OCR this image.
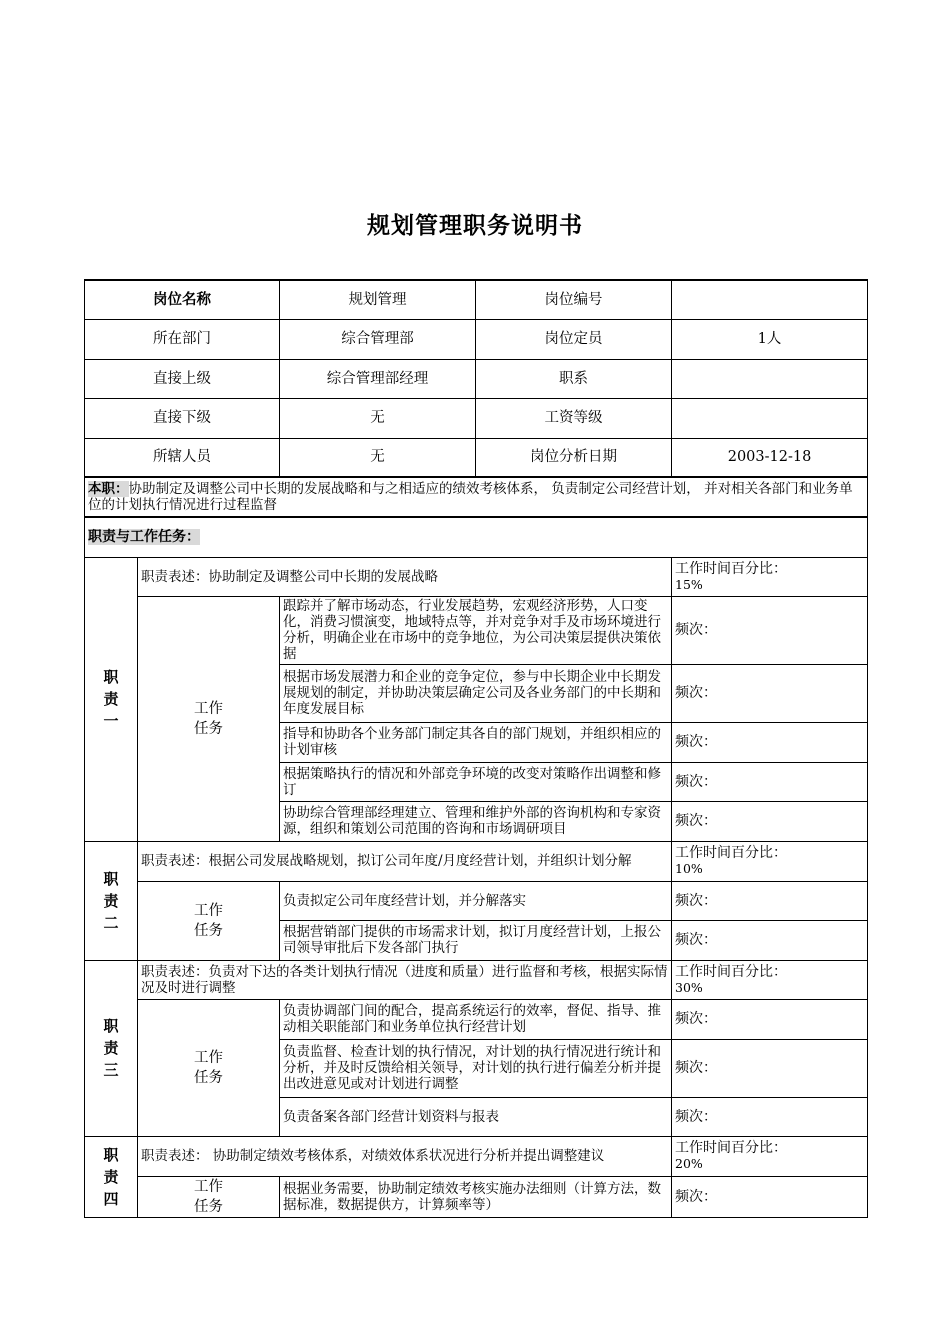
规划管理职务说明书
岗位名称		规划管理	岗位编号	
所在部门		综合管理部	岗位定员	1人
直接上级		综合管理部经理	职系	
直接下级		无	工资等级	
所辖人员		无	岗位分析日期	2003-12-18
本职：协助制定及调整公司中长期的发展战略和与之相适应的绩效考核体系， 负责制定公司经营计划， 并对相关各部门和业务单位的计划执行情况进行过程监督				
职责与工作任务：				
职责一	职责表述：协助制定及调整公司中长期的发展战略			工作时间百分比：
15%
	工作任务	跟踪并了解市场动态，行业发展趋势，宏观经济形势，人口变化，消费习惯演变，地域特点等，并对竞争对手及市场环境进行分析，明确企业在市场中的竞争地位，为公司决策层提供决策依据		频次：
		根据市场发展潜力和企业的竞争定位，参与中长期企业中长期发展规划的制定，并协助决策层确定公司及各业务部门的中长期和年度发展目标		频次：
		指导和协助各个业务部门制定其各自的部门规划，并组织相应的计划审核		频次：
		根据策略执行的情况和外部竞争环境的改变对策略作出调整和修订		频次：
		协助综合管理部经理建立、管理和维护外部的咨询机构和专家资源，组织和策划公司范围的咨询和市场调研项目		频次：
职责二	职责表述：根据公司发展战略规划，拟订公司年度/月度经营计划，并组织计划分解			工作时间百分比：
10%
	工作任务	负责拟定公司年度经营计划，并分解落实		频次：
		根据营销部门提供的市场需求计划，拟订月度经营计划，上报公司领导审批后下发各部门执行		频次：
职责三	职责表述：负责对下达的各类计划执行情况（进度和质量）进行监督和考核，根据实际情况及时进行调整			工作时间百分比：
30%
	工作任务	负责协调部门间的配合，提高系统运行的效率，督促、指导、推动相关职能部门和业务单位执行经营计划		频次：
		负责监督、检查计划的执行情况，对计划的执行情况进行统计和分析，并及时反馈给相关领导，对计划的执行进行偏差分析并提出改进意见或对计划进行调整		频次：
		负责备案各部门经营计划资料与报表		频次：
职责四	职责表述： 协助制定绩效考核体系，对绩效体系状况进行分析并提出调整建议			工作时间百分比：
20%
	工作任务	根据业务需要，协助制定绩效考核实施办法细则（计算方法，数据标准，数据提供方，计算频率等）		频次：
